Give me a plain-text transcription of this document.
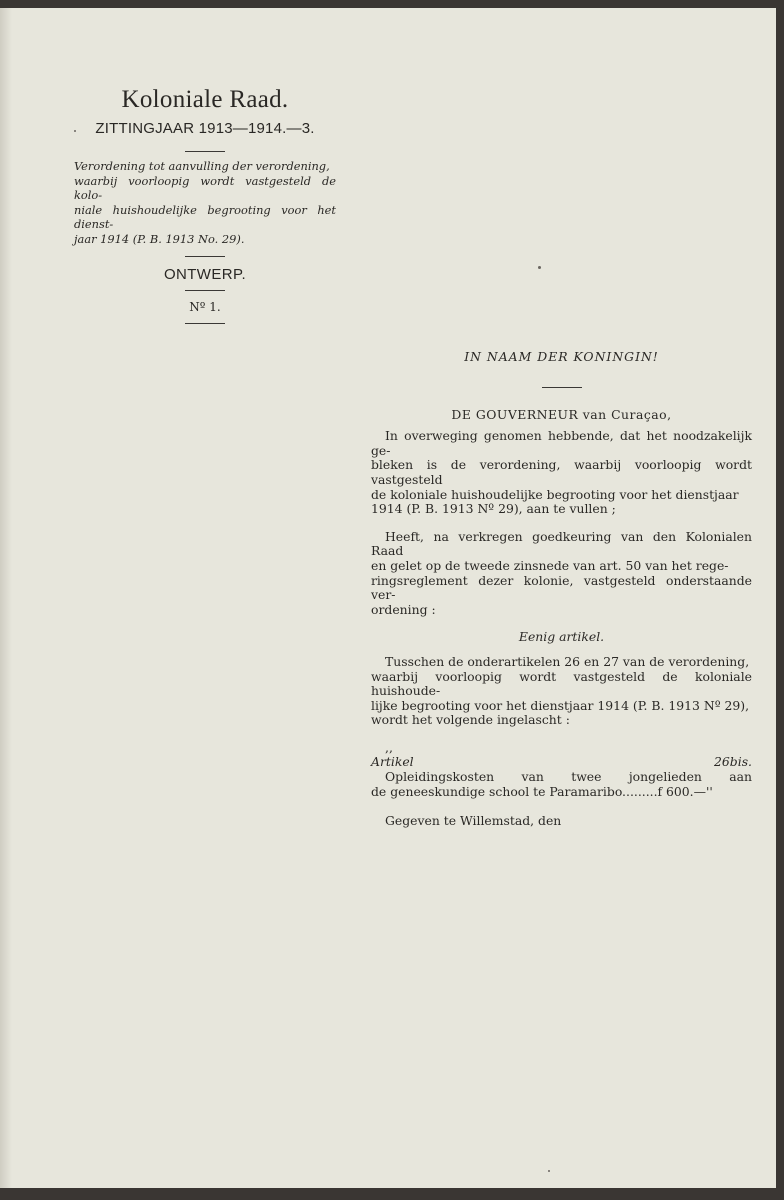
Koloniale Raad.

ZITTINGJAAR 1913—1914.—3.

Verordening tot aanvulling der verordening,
waarbij voorloopig wordt vastgesteld de kolo-
niale huishoudelijke begrooting voor het dienst-
jaar 1914 (P. B. 1913 No. 29).

ONTWERP.

Nº 1.

IN NAAM DER KONINGIN!

DE GOUVERNEUR van Curaçao,

In overweging genomen hebbende, dat het noodzakelijk ge-
bleken is de verordening, waarbij voorloopig wordt vastgesteld
de koloniale huishoudelijke begrooting voor het dienstjaar
1914 (P. B. 1913 Nº 29), aan te vullen ;

Heeft, na verkregen goedkeuring van den Kolonialen Raad
en gelet op de tweede zinsnede van art. 50 van het rege-
ringsreglement dezer kolonie, vastgesteld onderstaande ver-
ordening :

Eenig artikel.

Tusschen de onderartikelen 26 en 27 van de verordening,
waarbij voorloopig wordt vastgesteld de koloniale huishoude-
lijke begrooting voor het dienstjaar 1914 (P. B. 1913 Nº 29),
wordt het volgende ingelascht :

,,
Artikel 26bis.
Opleidingskosten van twee jongelieden aan
de geneeskundige school te Paramaribo.........f 600.—''

Gegeven te Willemstad, den
